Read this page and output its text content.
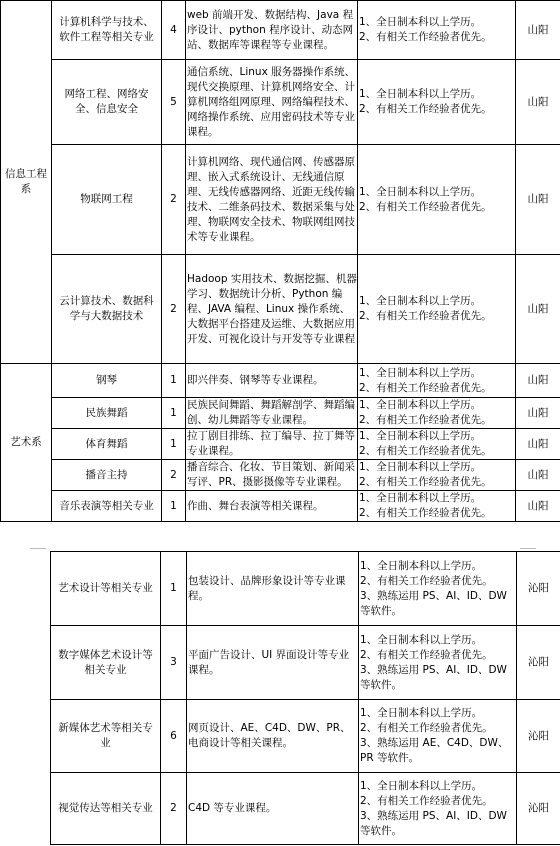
信息工程系	计算机科学与技术、软件工程等相关专业	4	web 前端开发、数据结构、Java 程序设计、python 程序设计、动态网站、数据库等课程等专业课程。	1、全日制本科以上学历。
2、有相关工作经验者优先。	山阳
	网络工程、网络安全、信息安全	5	通信系统、Linux 服务器操作系统、现代交换原理、计算机网络安全、计算机网络组网原理、网络编程技术、网络操作系统、应用密码技术等专业课程。	1、全日制本科以上学历。
2、有相关工作经验者优先。	山阳
	物联网工程	2	计算机网络、现代通信网、传感器原理、嵌入式系统设计、无线通信原理、无线传感器网络、近距无线传输技术、二维条码技术、数据采集与处理、物联网安全技术、物联网组网技术等专业课程。	1、全日制本科以上学历。
2、有相关工作经验者优先。	山阳
	云计算技术、数据科学与大数据技术	2	Hadoop 实用技术、数据挖掘、机器学习、数据统计分析、Python 编程、JAVA 编程、Linux 操作系统、大数据平台搭建及运维、大数据应用开发、可视化设计与开发等专业课程	1、全日制本科以上学历。
2、有相关工作经验者优先。	山阳
艺术系	钢琴	1	即兴伴奏、钢琴等专业课程。	1、全日制本科以上学历。
2、有相关工作经验者优先。	山阳
	民族舞蹈	1	民族民间舞蹈、舞蹈解剖学、舞蹈编创、幼儿舞蹈等专业课程。	1、全日制本科以上学历。
2、有相关工作经验者优先。	山阳
	体育舞蹈	1	拉丁剧目排练、拉丁编导、拉丁舞等专业课程。	1、全日制本科以上学历。
2、有相关工作经验者优先。	山阳
	播音主持	2	播音综合、化妆、节目策划、新闻采写评、PR、摄影摄像等专业课程。	1、全日制本科以上学历。
2、有相关工作经验者优先。	山阳
	音乐表演等相关专业	1	作曲、舞台表演等相关课程。	1、全日制本科以上学历。
2、有相关工作经验者优先。	山阳
艺术设计等相关专业	1	包装设计、品牌形象设计等专业课程。	1、全日制本科以上学历。
2、有相关工作经验者优先。
3、熟练运用 PS、AI、ID、DW 等软件。	沁阳
数字媒体艺术设计等相关专业	3	平面广告设计、UI 界面设计等专业课程。	1、全日制本科以上学历。
2、有相关工作经验者优先。
3、熟练运用 PS、AI、ID、DW 等软件。	沁阳
新媒体艺术等相关专业	6	网页设计、AE、C4D、DW、PR、电商设计等相关课程。	1、全日制本科以上学历。
2、有相关工作经验者优先。
3、熟练运用 AE、C4D、DW、PR 等软件。	沁阳
视觉传达等相关专业	2	C4D 等专业课程。	1、全日制本科以上学历。
2、有相关工作经验者优先。
3、熟练运用 PS、AI、ID、DW 等软件。	沁阳
